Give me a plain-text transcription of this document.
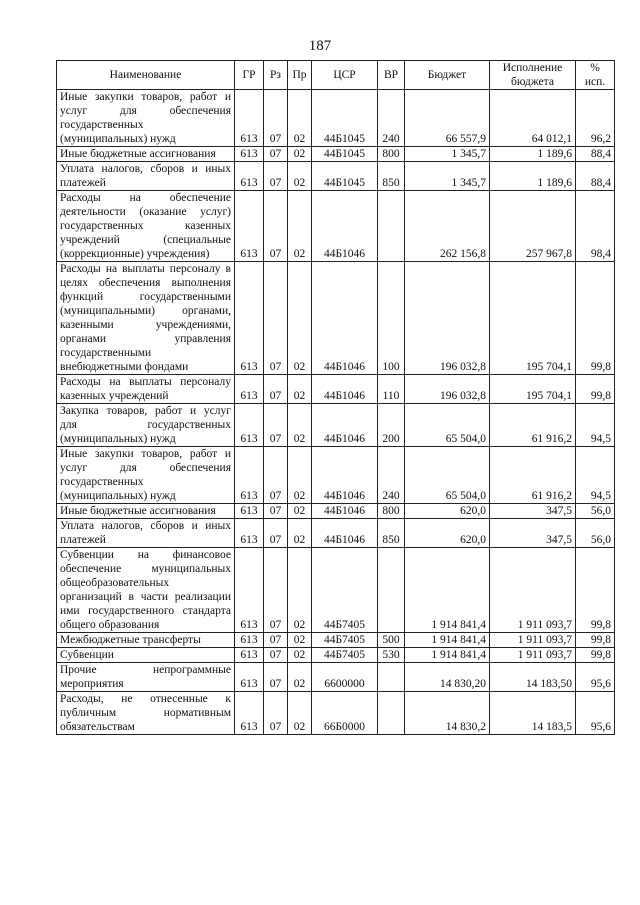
187
Наименование	ГР	Рз	Пр	ЦСР	ВР	Бюджет	Исполнение бюджета	% исп.
Иные закупки товаров, работ и услуг для обеспечения государственных (муниципальных) нужд	613	07	02	44Б1045	240	66 557,9	64 012,1	96,2
Иные бюджетные ассигнования	613	07	02	44Б1045	800	1 345,7	1 189,6	88,4
Уплата налогов, сборов и иных платежей	613	07	02	44Б1045	850	1 345,7	1 189,6	88,4
Расходы на обеспечение деятельности (оказание услуг) государственных казенных учреждений (специальные (коррекционные) учреждения)	613	07	02	44Б1046		262 156,8	257 967,8	98,4
Расходы на выплаты персоналу в целях обеспечения выполнения функций государственными (муниципальными) органами, казенными учреждениями, органами управления государственными внебюджетными фондами	613	07	02	44Б1046	100	196 032,8	195 704,1	99,8
Расходы на выплаты персоналу казенных учреждений	613	07	02	44Б1046	110	196 032,8	195 704,1	99,8
Закупка товаров, работ и услуг для государственных (муниципальных) нужд	613	07	02	44Б1046	200	65 504,0	61 916,2	94,5
Иные закупки товаров, работ и услуг для обеспечения государственных (муниципальных) нужд	613	07	02	44Б1046	240	65 504,0	61 916,2	94,5
Иные бюджетные ассигнования	613	07	02	44Б1046	800	620,0	347,5	56,0
Уплата налогов, сборов и иных платежей	613	07	02	44Б1046	850	620,0	347,5	56,0
Субвенции на финансовое обеспечение муниципальных общеобразовательных организаций в части реализации ими государственного стандарта общего образования	613	07	02	44Б7405		1 914 841,4	1 911 093,7	99,8
Межбюджетные трансферты	613	07	02	44Б7405	500	1 914 841,4	1 911 093,7	99,8
Субвенции	613	07	02	44Б7405	530	1 914 841,4	1 911 093,7	99,8
Прочие непрограммные мероприятия	613	07	02	6600000		14 830,20	14 183,50	95,6
Расходы, не отнесенные к публичным нормативным обязательствам	613	07	02	66Б0000		14 830,2	14 183,5	95,6
